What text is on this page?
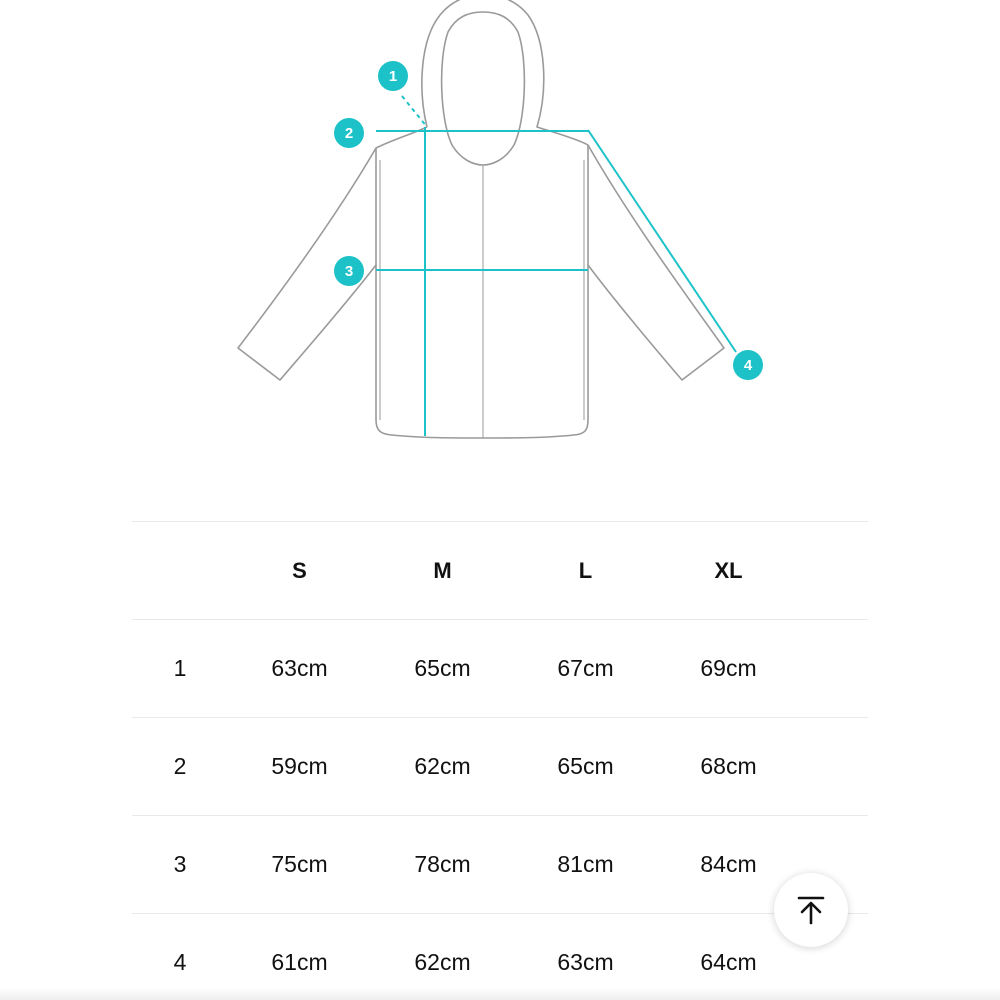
1
2
3
4
	S	M	L	XL	
1	63cm	65cm	67cm	69cm	
2	59cm	62cm	65cm	68cm	
3	75cm	78cm	81cm	84cm	
4	61cm	62cm	63cm	64cm	
